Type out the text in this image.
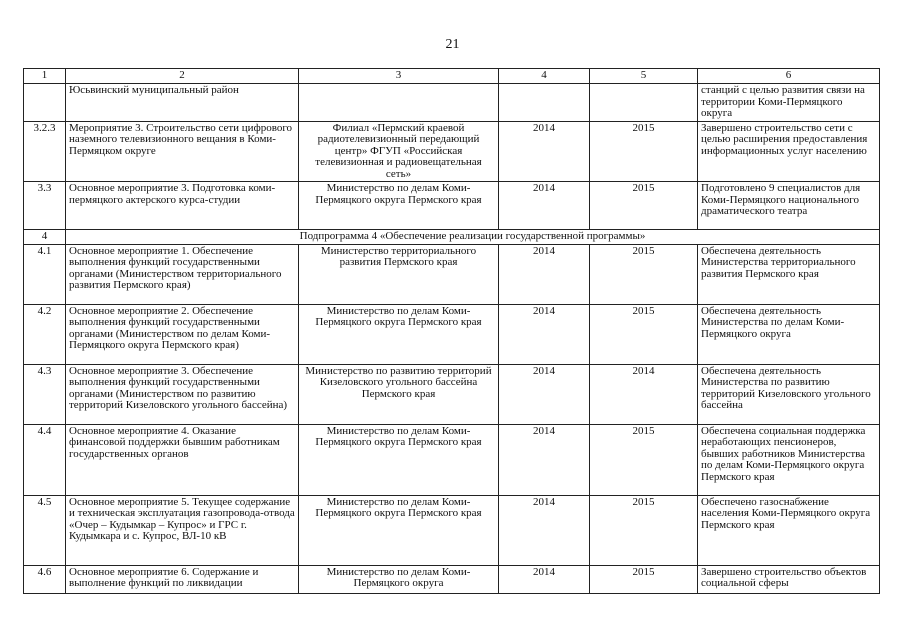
21
1	2	3	4	5	6
	Юсьвинский муниципальный район				станций с целью развития связи на территории Коми-Пермяцкого округа
3.2.3	Мероприятие 3. Строительство сети цифрового наземного телевизионного вещания в Коми-Пермяцком округе	Филиал «Пермский краевой радиотелевизионный передающий центр» ФГУП «Российская телевизионная и радиовещательная сеть»	2014	2015	Завершено строительство сети с целью расширения предоставления информационных услуг населению
3.3	Основное мероприятие 3. Подготовка коми-пермяцкого актерского курса-студии	Министерство по делам Коми-Пермяцкого округа Пермского края	2014	2015	Подготовлено 9 специалистов для Коми-Пермяцкого национального драматического театра
4	Подпрограмма 4 «Обеспечение реализации государственной программы»				
4.1	Основное мероприятие 1. Обеспечение выполнения функций государственными органами (Министерством территориального развития Пермского края)	Министерство территориального развития Пермского края	2014	2015	Обеспечена деятельность Министерства территориального развития Пермского края
4.2	Основное мероприятие 2. Обеспечение выполнения функций государственными органами (Министерством по делам Коми-Пермяцкого округа Пермского края)	Министерство по делам Коми-Пермяцкого округа Пермского края	2014	2015	Обеспечена деятельность Министерства по делам Коми-Пермяцкого округа
4.3	Основное мероприятие 3. Обеспечение выполнения функций государственными органами (Министерством по развитию территорий Кизеловского угольного бассейна)	Министерство по развитию территорий Кизеловского угольного бассейна Пермского края	2014	2014	Обеспечена деятельность Министерства по развитию территорий Кизеловского угольного бассейна
4.4	Основное мероприятие 4. Оказание финансовой поддержки бывшим работникам государственных органов	Министерство по делам Коми-Пермяцкого округа Пермского края	2014	2015	Обеспечена социальная поддержка неработающих пенсионеров, бывших работников Министерства по делам Коми-Пермяцкого округа Пермского края
4.5	Основное мероприятие 5. Текущее содержание и техническая эксплуатация газопровода-отвода «Очер – Кудымкар – Купрос» и ГРС г. Кудымкара и с. Купрос, ВЛ-10 кВ	Министерство по делам Коми-Пермяцкого округа Пермского края	2014	2015	Обеспечено газоснабжение населения Коми-Пермяцкого округа Пермского края
4.6	Основное мероприятие 6. Содержание и выполнение функций по ликвидации	Министерство по делам Коми-Пермяцкого округа	2014	2015	Завершено строительство объектов социальной сферы
